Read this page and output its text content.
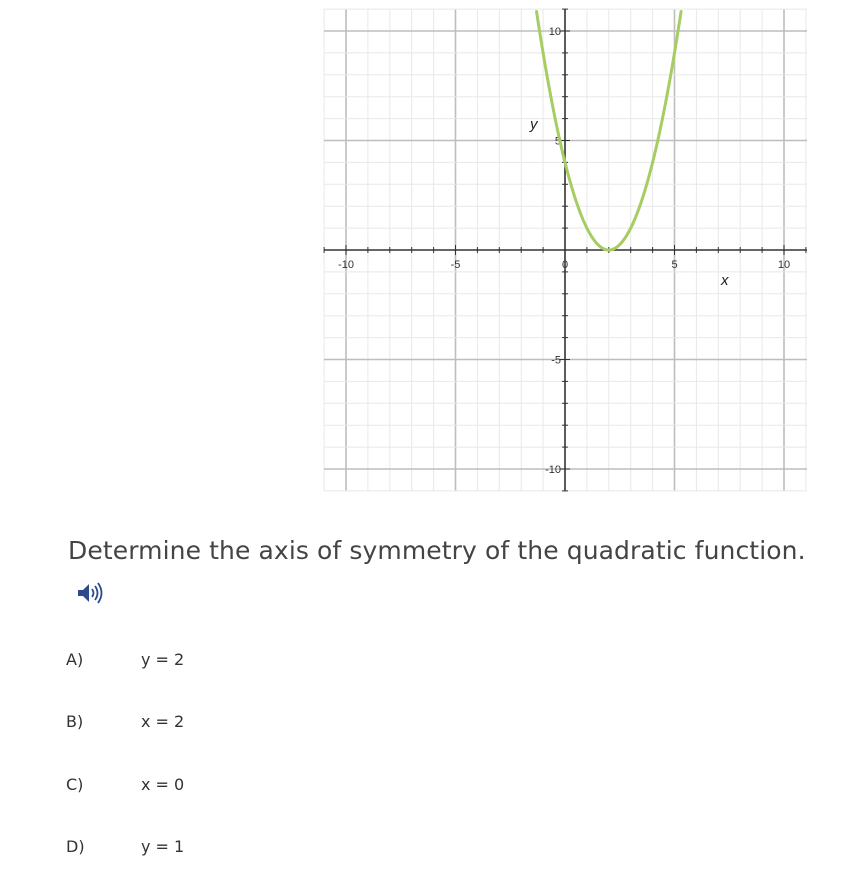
-10	-5	0	5	10
-10
-5
5
10
x
y
Determine the axis of symmetry of the quadratic function.
A)	y = 2
B)	x = 2
C)	x = 0
D)	y = 1
